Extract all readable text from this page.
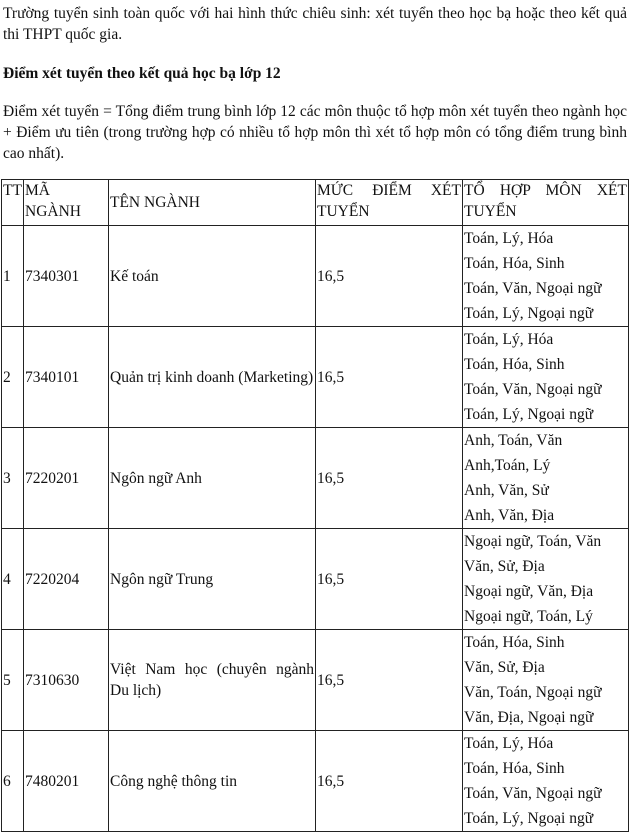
Trường tuyển sinh toàn quốc với hai hình thức chiêu sinh: xét tuyển theo học bạ hoặc theo kết quả thi THPT quốc gia.

Điểm xét tuyển theo kết quả học bạ lớp 12

Điểm xét tuyển = Tổng điểm trung bình lớp 12 các môn thuộc tổ hợp môn xét tuyển theo ngành học + Điểm ưu tiên (trong trường hợp có nhiều tổ hợp môn thì xét tổ hợp môn có tổng điểm trung bình cao nhất).

TT	MÃ NGÀNH	TÊN NGÀNH	MỨC ĐIỂM XÉT TUYỂN	TỔ HỢP MÔN XÉT TUYỂN
1	7340301	Kế toán	16,5	Toán, Lý, Hóa
Toán, Hóa, Sinh
Toán, Văn, Ngoại ngữ
Toán, Lý, Ngoại ngữ

2	7340101	Quản trị kinh doanh (Marketing)	16,5	Toán, Lý, Hóa
Toán, Hóa, Sinh
Toán, Văn, Ngoại ngữ
Toán, Lý, Ngoại ngữ

3	7220201	Ngôn ngữ Anh	16,5	Anh, Toán, Văn
Anh,Toán, Lý
Anh, Văn, Sử
Anh, Văn, Địa

4	7220204	Ngôn ngữ Trung	16,5	Ngoại ngữ, Toán, Văn
Văn, Sử, Địa
Ngoại ngữ, Văn, Địa
Ngoại ngữ, Toán, Lý

5	7310630	Việt Nam học (chuyên ngành Du lịch)	16,5	Toán, Hóa, Sinh
Văn, Sử, Địa
Văn, Toán, Ngoại ngữ
Văn, Địa, Ngoại ngữ

6	7480201	Công nghệ thông tin	16,5	Toán, Lý, Hóa
Toán, Hóa, Sinh
Toán, Văn, Ngoại ngữ
Toán, Lý, Ngoại ngữ
